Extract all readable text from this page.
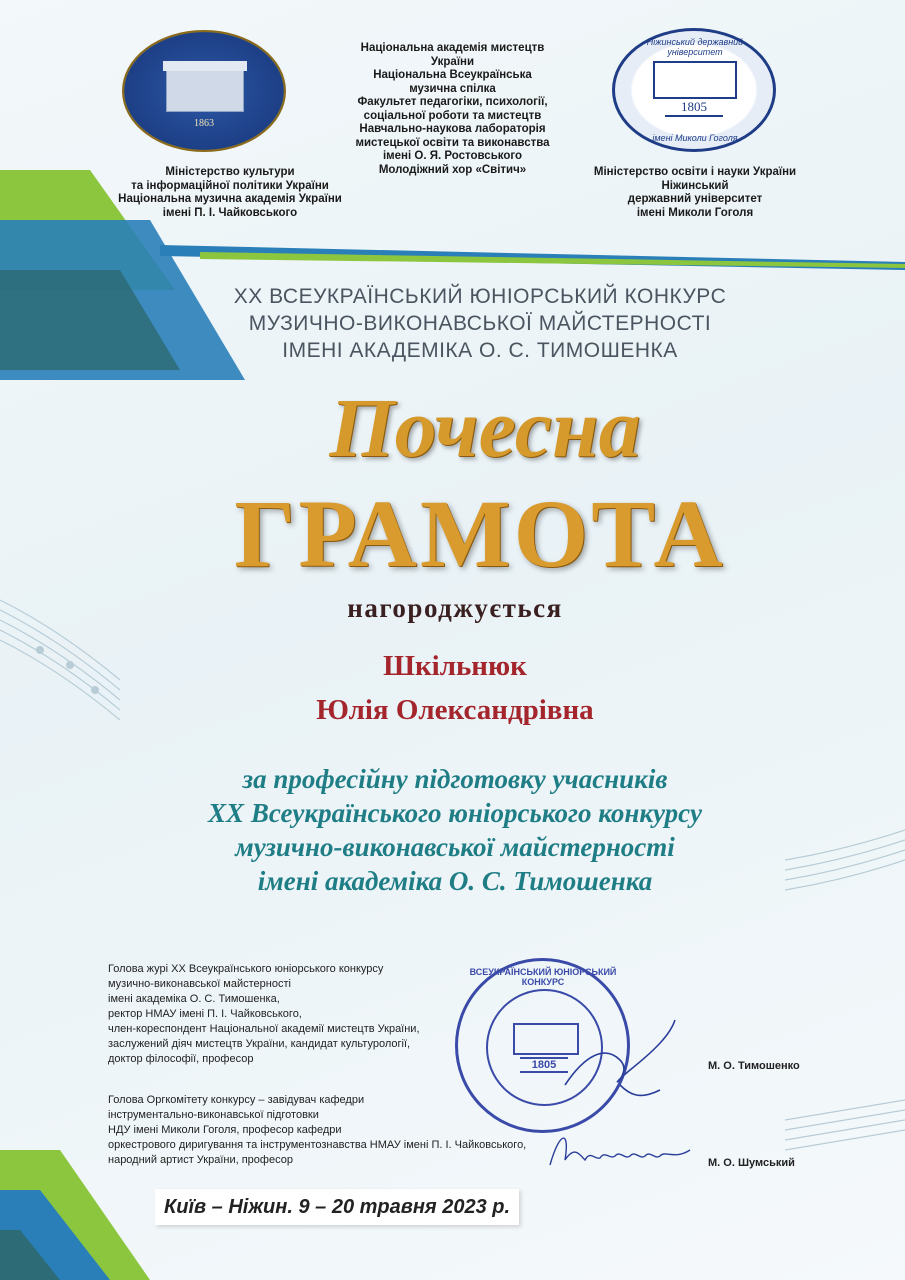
1863
Ніжинський державний університет
1805
імені Миколи Гоголя
Міністерство культури
та інформаційної політики України
Національна музична академія України
імені П. І. Чайковського
Національна академія мистецтв
України
Національна Всеукраїнська
музична спілка
Факультет педагогіки, психології,
соціальної роботи та мистецтв
Навчально-наукова лабораторія
мистецької освіти та виконавства
імені О. Я. Ростовського
Молодіжний хор «Світич»	Міністерство освіти і науки України
Ніжинський
державний університет
імені Миколи Гоголя
XX ВСЕУКРАЇНСЬКИЙ ЮНІОРСЬКИЙ КОНКУРС
МУЗИЧНО-ВИКОНАВСЬКОЇ МАЙСТЕРНОСТІ
ІМЕНІ АКАДЕМІКА О. С. ТИМОШЕНКА
Почесна
ГРАМОТА
нагороджується
Шкільнюк
Юлія Олександрівна
за професійну підготовку учасників
XX Всеукраїнського юніорського конкурсу
музично-виконавської майстерності
імені академіка О. С. Тимошенка
Голова журі XX Всеукраїнського юніорського конкурсу
музично-виконавської майстерності
імені академіка О. С. Тимошенка,
ректор НМАУ імені П. І. Чайковського,
член-кореспондент Національної академії мистецтв України,
заслужений діяч мистецтв України, кандидат культурології,
доктор філософії, професор
Голова Оргкомітету конкурсу – завідувач кафедри
інструментально-виконавської підготовки
НДУ імені Миколи Гоголя, професор кафедри
оркестрового диригування та інструментознавства НМАУ імені П. І. Чайковського,
народний артист України, професор
ВСЕУКРАЇНСЬКИЙ ЮНІОРСЬКИЙ КОНКУРС
1805	М. О. Тимошенко
М. О. Шумський
Київ – Ніжин. 9 – 20 травня 2023 р.
